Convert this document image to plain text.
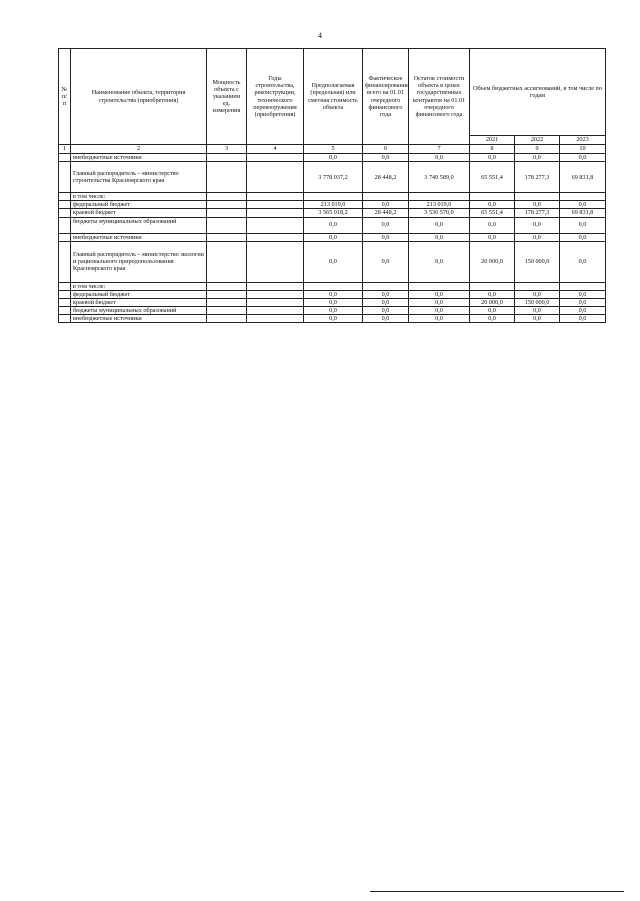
4
№ п/п	Наименование объекта, территория строительства (приобретения)	Мощность объекта с указанием ед. измерения	Годы строительства, реконструкции, технического перевооружения (приобретения)	Предполагаемая (предельная) или сметная стоимость объекта	Фактическое финансирование всего на 01.01 очередного финансового года	Остаток стоимости объекта в ценах государственных контрактов на 01.01 очередного финансового года	Объем бюджетных ассигнований, в том числе по годам		
							2021	2022	2023
1	2	3	4	5	6	7	8	9	10
	внебюджетные источники			0,0	0,0	0,0	0,0	0,0	0,0
	Главный распорядитель – министерство строительства Красноярского края			3 778 037,2	28 448,2	3 749 589,0	65 551,4	178 277,3	69 831,8
	в том числе:								
	федеральный бюджет			213 019,0	0,0	213 019,0	0,0	0,0	0,0
	краевой бюджет			3 565 018,2	28 448,2	3 536 570,0	65 551,4	178 277,3	69 831,8
	бюджеты муниципальных образований			0,0	0,0	0,0	0,0	0,0	0,0
	внебюджетные источники			0,0	0,0	0,0	0,0	0,0	0,0
	Главный распорядитель – министерство экологии и рационального природопользования Красноярского края			0,0	0,0	0,0	20 000,0	150 000,0	0,0
	в том числе:								
	федеральный бюджет			0,0	0,0	0,0	0,0	0,0	0,0
	краевой бюджет			0,0	0,0	0,0	20 000,0	150 000,0	0,0
	бюджеты муниципальных образований			0,0	0,0	0,0	0,0	0,0	0,0
	внебюджетные источники			0,0	0,0	0,0	0,0	0,0	0,0
